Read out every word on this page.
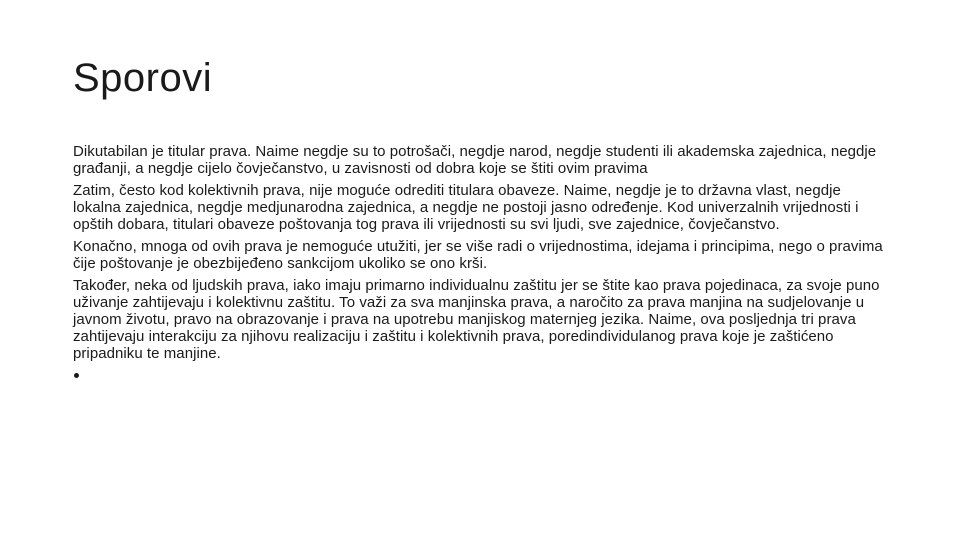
Sporovi
Dikutabilan je titular prava. Naime negdje su to potrošači, negdje narod, negdje studenti ili akademska zajednica, negdje građanji, a negdje cijelo čovječanstvo, u zavisnosti od dobra koje se štiti ovim pravima
Zatim, često kod kolektivnih prava, nije moguće odrediti titulara obaveze. Naime, negdje je to državna vlast, negdje lokalna zajednica, negdje medjunarodna zajednica, a negdje ne postoji jasno određenje. Kod univerzalnih vrijednosti i opštih dobara, titulari obaveze poštovanja tog prava ili vrijednosti su svi ljudi, sve zajednice, čovječanstvo.
Konačno, mnoga od ovih prava je nemoguće utužiti, jer se više radi o vrijednostima, idejama i principima, nego o pravima čije poštovanje je obezbijeđeno sankcijom ukoliko se ono krši.
Također, neka od ljudskih prava, iako imaju primarno individualnu zaštitu jer se štite kao prava pojedinaca, za svoje puno uživanje zahtijevaju i kolektivnu zaštitu. To važi za sva manjinska prava, a naročito za prava manjina na sudjelovanje u javnom životu, pravo na obrazovanje i prava na upotrebu manjiskog maternjeg jezika. Naime, ova posljednja tri prava zahtijevaju interakciju za njihovu realizaciju i zaštitu i kolektivnih prava, poredindividulanog prava koje je zaštićeno pripadniku te manjine.
